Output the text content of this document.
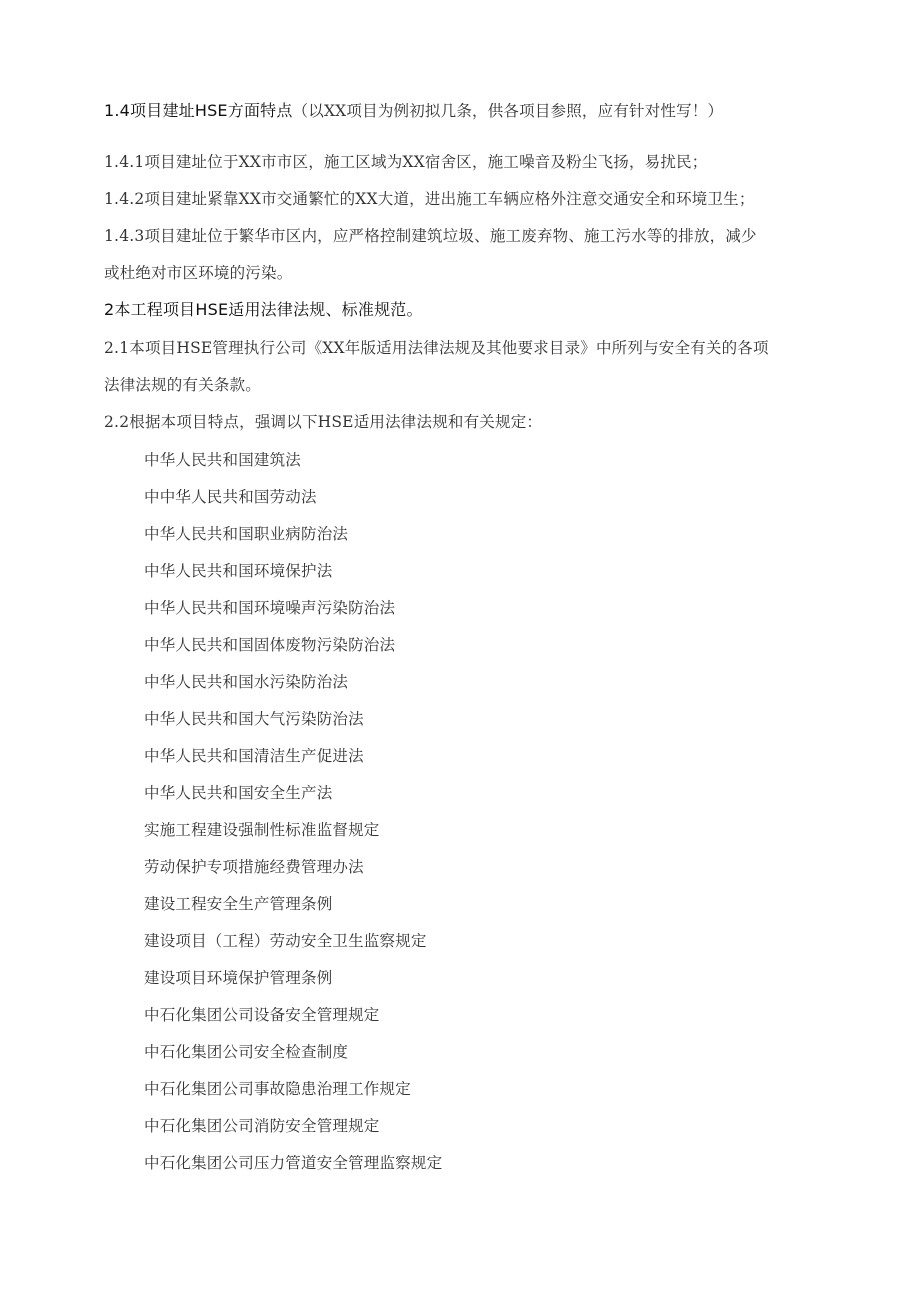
1.4项目建址HSE方面特点（以XX项目为例初拟几条，供各项目参照，应有针对性写！）
1.4.1项目建址位于XX市市区，施工区域为XX宿舍区，施工噪音及粉尘飞扬，易扰民；
1.4.2项目建址紧靠XX市交通繁忙的XX大道，进出施工车辆应格外注意交通安全和环境卫生；
1.4.3项目建址位于繁华市区内，应严格控制建筑垃圾、施工废弃物、施工污水等的排放，减少
或杜绝对市区环境的污染。
2本工程项目HSE适用法律法规、标准规范。
2.1本项目HSE管理执行公司《XX年版适用法律法规及其他要求目录》中所列与安全有关的各项
法律法规的有关条款。
2.2根据本项目特点，强调以下HSE适用法律法规和有关规定：
中华人民共和国建筑法
中中华人民共和国劳动法
中华人民共和国职业病防治法
中华人民共和国环境保护法
中华人民共和国环境噪声污染防治法
中华人民共和国固体废物污染防治法
中华人民共和国水污染防治法
中华人民共和国大气污染防治法
中华人民共和国清洁生产促进法
中华人民共和国安全生产法
实施工程建设强制性标准监督规定
劳动保护专项措施经费管理办法
建设工程安全生产管理条例
建设项目（工程）劳动安全卫生监察规定
建设项目环境保护管理条例
中石化集团公司设备安全管理规定
中石化集团公司安全检查制度
中石化集团公司事故隐患治理工作规定
中石化集团公司消防安全管理规定
中石化集团公司压力管道安全管理监察规定
